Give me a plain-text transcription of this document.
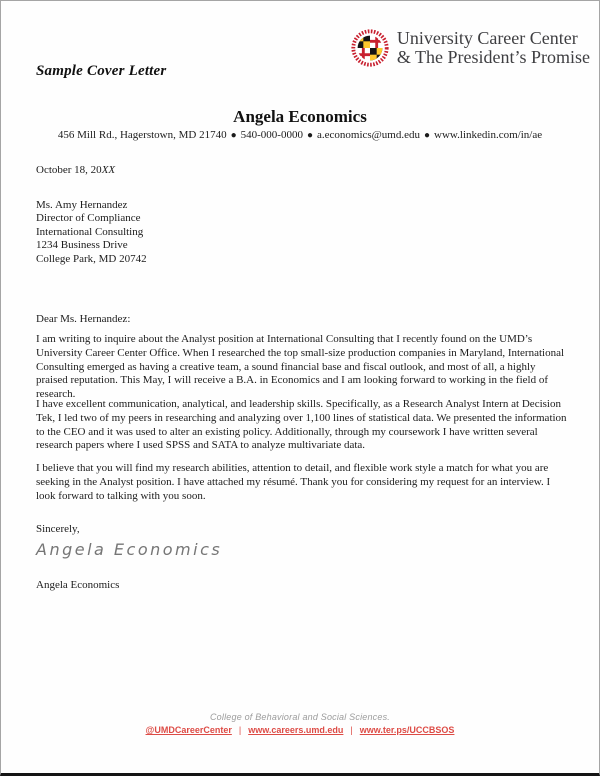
Sample Cover Letter
University Career Center
& The President’s Promise
Angela Economics
456 Mill Rd., Hagerstown, MD 21740 ● 540-000-0000 ● a.economics@umd.edu ● www.linkedin.com/in/ae
October 18, 20XX
Ms. Amy Hernandez
Director of Compliance
International Consulting
1234 Business Drive
College Park, MD 20742
Dear Ms. Hernandez:

I am writing to inquire about the Analyst position at International Consulting that I recently found on the UMD’s University Career Center Office. When I researched the top small-size production companies in Maryland, International Consulting emerged as having a creative team, a sound financial base and fiscal outlook, and most of all, a highly praised reputation. This May, I will receive a B.A. in Economics and I am looking forward to working in the field of research.

I have excellent communication, analytical, and leadership skills. Specifically, as a Research Analyst Intern at Decision Tek, I led two of my peers in researching and analyzing over 1,100 lines of statistical data. We presented the information to the CEO and it was used to alter an existing policy. Additionally, through my coursework I have written several research papers where I used SPSS and SATA to analyze multivariate data.

I believe that you will find my research abilities, attention to detail, and flexible work style a match for what you are seeking in the Analyst position. I have attached my résumé. Thank you for considering my request for an interview. I look forward to talking with you soon.

Sincerely,
Angela Economics
Angela Economics
College of Behavioral and Social Sciences.
@UMDCareerCenter | www.careers.umd.edu | www.ter.ps/UCCBSOS
